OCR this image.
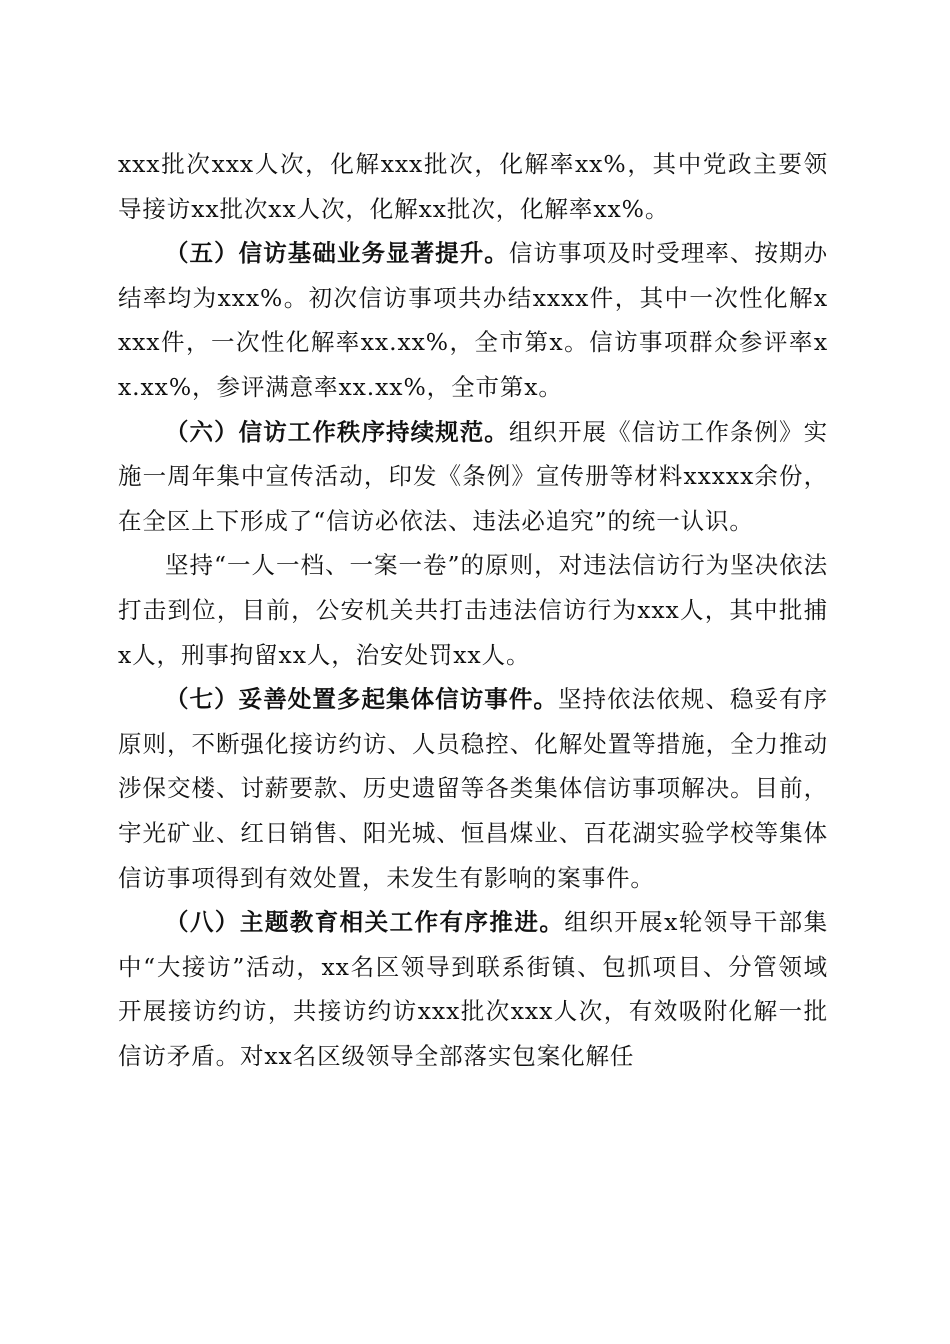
xxx批次xxx人次，化解xxx批次，化解率xx%，其中党政主要领导接访xx批次xx人次，化解xx批次，化解率xx%。

（五）信访基础业务显著提升。信访事项及时受理率、按期办结率均为xxx%。初次信访事项共办结xxxx件，其中一次性化解xxxx件，一次性化解率xx.xx%，全市第x。信访事项群众参评率xx.xx%，参评满意率xx.xx%，全市第x。

（六）信访工作秩序持续规范。组织开展《信访工作条例》实施一周年集中宣传活动，印发《条例》宣传册等材料xxxxx余份，在全区上下形成了“信访必依法、违法必追究”的统一认识。

坚持“一人一档、一案一卷”的原则，对违法信访行为坚决依法打击到位，目前，公安机关共打击违法信访行为xxx人，其中批捕x人，刑事拘留xx人，治安处罚xx人。

（七）妥善处置多起集体信访事件。坚持依法依规、稳妥有序原则，不断强化接访约访、人员稳控、化解处置等措施，全力推动涉保交楼、讨薪要款、历史遗留等各类集体信访事项解决。目前，宇光矿业、红日销售、阳光城、恒昌煤业、百花湖实验学校等集体信访事项得到有效处置，未发生有影响的案事件。

（八）主题教育相关工作有序推进。组织开展x轮领导干部集中“大接访”活动，xx名区领导到联系街镇、包抓项目、分管领域开展接访约访，共接访约访xxx批次xxx人次，有效吸附化解一批信访矛盾。对xx名区级领导全部落实包案化解任
